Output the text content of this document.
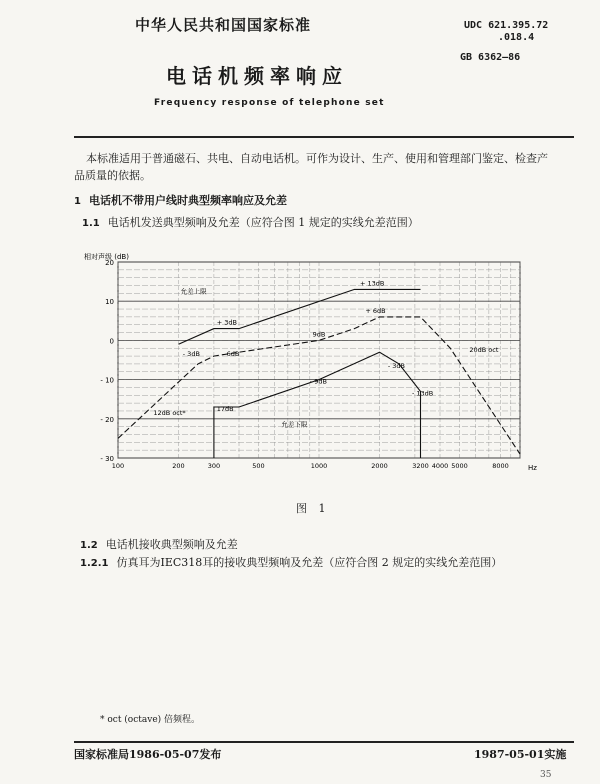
中华人民共和国国家标准	UDC 621.395.72
.018.4
GB 6362—86
电话机频率响应
Frequency response of telephone set
本标准适用于普通磁石、共电、自动电话机。可作为设计、生产、使用和管理部门鉴定、检查产
品质量的依据。
1 电话机不带用户线时典型频率响应及允差
1.1 电话机发送典型频响及允差（应符合图 1 规定的实线允差范围）
20
10
0
- 10
- 20
- 30
100	200	300	500	1000	2000	3200 4000 5000	8000
允差上限
+ 3dB
+ 13dB
+ 6dB
9dB
- 3dB	- 6dB
- 9dB
- 3dB
- 13dB
17dB
允差下限
12dB oct*
20dB oct
相对声级 (dB)
Hz
图 1
1.2 电话机接收典型频响及允差
1.2.1 仿真耳为IEC318耳的接收典型频响及允差（应符合图 2 规定的实线允差范围）
* oct (octave) 倍频程。
国家标准局1986-05-07发布	1987-05-01实施
35
